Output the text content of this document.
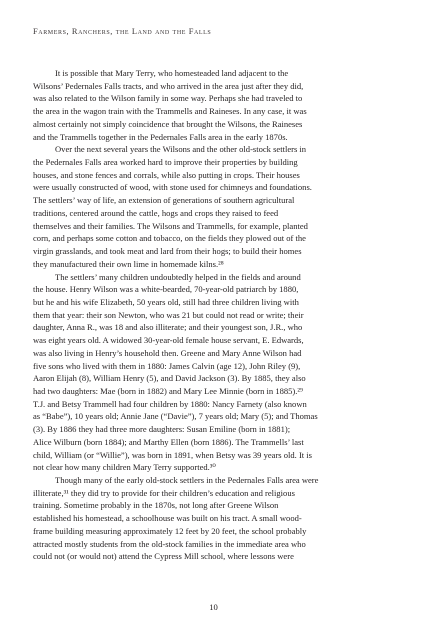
Farmers, Ranchers, the Land and the Falls
It is possible that Mary Terry, who homesteaded land adjacent to the
Wilsons’ Pedernales Falls tracts, and who arrived in the area just after they did,
was also related to the Wilson family in some way. Perhaps she had traveled to
the area in the wagon train with the Trammells and Raineses. In any case, it was
almost certainly not simply coincidence that brought the Wilsons, the Raineses
and the Trammells together in the Pedernales Falls area in the early 1870s.
Over the next several years the Wilsons and the other old-stock settlers in
the Pedernales Falls area worked hard to improve their properties by building
houses, and stone fences and corrals, while also putting in crops. Their houses
were usually constructed of wood, with stone used for chimneys and foundations.
The settlers’ way of life, an extension of generations of southern agricultural
traditions, centered around the cattle, hogs and crops they raised to feed
themselves and their families. The Wilsons and Trammells, for example, planted
corn, and perhaps some cotton and tobacco, on the fields they plowed out of the
virgin grasslands, and took meat and lard from their hogs; to build their homes
they manufactured their own lime in homemade kilns.²⁸
The settlers’ many children undoubtedly helped in the fields and around
the house. Henry Wilson was a white-bearded, 70-year-old patriarch by 1880,
but he and his wife Elizabeth, 50 years old, still had three children living with
them that year: their son Newton, who was 21 but could not read or write; their
daughter, Anna R., was 18 and also illiterate; and their youngest son, J.R., who
was eight years old. A widowed 30-year-old female house servant, E. Edwards,
was also living in Henry’s household then. Greene and Mary Anne Wilson had
five sons who lived with them in 1880: James Calvin (age 12), John Riley (9),
Aaron Elijah (8), William Henry (5), and David Jackson (3). By 1885, they also
had two daughters: Mae (born in 1882) and Mary Lee Minnie (born in 1885).²⁹
T.J. and Betsy Trammell had four children by 1880: Nancy Farnety (also known
as “Babe”), 10 years old; Annie Jane (“Davie”), 7 years old; Mary (5); and Thomas
(3). By 1886 they had three more daughters: Susan Emiline (born in 1881);
Alice Wilburn (born 1884); and Marthy Ellen (born 1886). The Trammells’ last
child, William (or “Willie”), was born in 1891, when Betsy was 39 years old. It is
not clear how many children Mary Terry supported.³⁰
Though many of the early old-stock settlers in the Pedernales Falls area were
illiterate,³¹ they did try to provide for their children’s education and religious
training. Sometime probably in the 1870s, not long after Greene Wilson
established his homestead, a schoolhouse was built on his tract. A small wood-
frame building measuring approximately 12 feet by 20 feet, the school probably
attracted mostly students from the old-stock families in the immediate area who
could not (or would not) attend the Cypress Mill school, where lessons were
10
